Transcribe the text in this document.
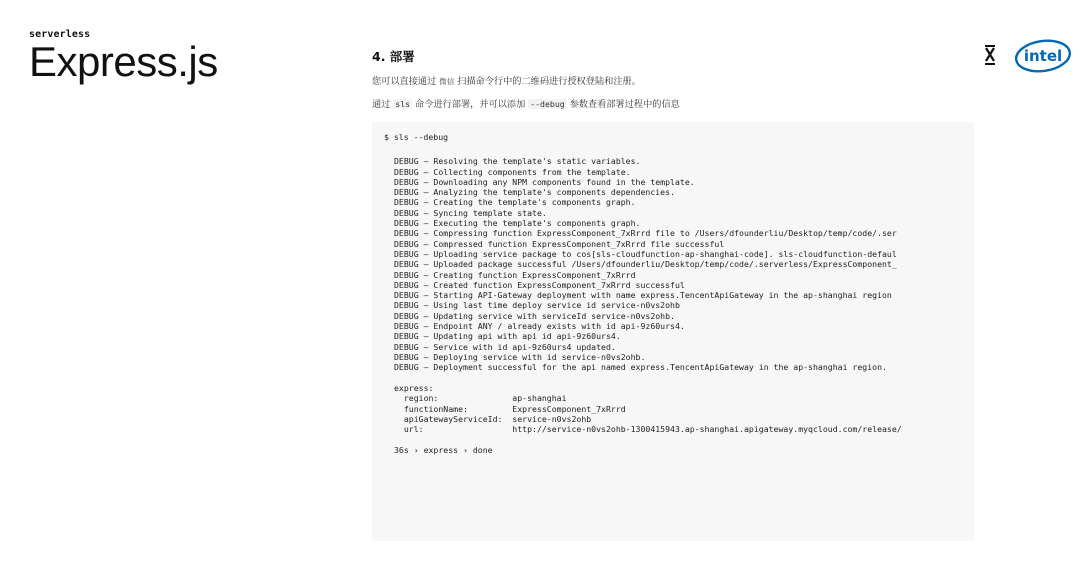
serverless
Express.js	intel
4. 部署

您可以直接通过 微信 扫描命令行中的二维码进行授权登陆和注册。

通过 sls 命令进行部署，并可以添加 --debug 参数查看部署过程中的信息

$ sls --debug
DEBUG — Resolving the template's static variables.
DEBUG — Collecting components from the template.
DEBUG — Downloading any NPM components found in the template.
DEBUG — Analyzing the template's components dependencies.
DEBUG — Creating the template's components graph.
DEBUG — Syncing template state.
DEBUG — Executing the template's components graph.
DEBUG — Compressing function ExpressComponent_7xRrrd file to /Users/dfounderliu/Desktop/temp/code/.ser
DEBUG — Compressed function ExpressComponent_7xRrrd file successful
DEBUG — Uploading service package to cos[sls-cloudfunction-ap-shanghai-code]. sls-cloudfunction-defaul
DEBUG — Uploaded package successful /Users/dfounderliu/Desktop/temp/code/.serverless/ExpressComponent_
DEBUG — Creating function ExpressComponent_7xRrrd
DEBUG — Created function ExpressComponent_7xRrrd successful
DEBUG — Starting API-Gateway deployment with name express.TencentApiGateway in the ap-shanghai region
DEBUG — Using last time deploy service id service-n0vs2ohb
DEBUG — Updating service with serviceId service-n0vs2ohb.
DEBUG — Endpoint ANY / already exists with id api-9z60urs4.
DEBUG — Updating api with api id api-9z60urs4.
DEBUG — Service with id api-9z60urs4 updated.
DEBUG — Deploying service with id service-n0vs2ohb.
DEBUG — Deployment successful for the api named express.TencentApiGateway in the ap-shanghai region.
express:
region:               ap-shanghai
functionName:         ExpressComponent_7xRrrd
apiGatewayServiceId:  service-n0vs2ohb
url:                  http://service-n0vs2ohb-1300415943.ap-shanghai.apigateway.myqcloud.com/release/
36s › express › done
